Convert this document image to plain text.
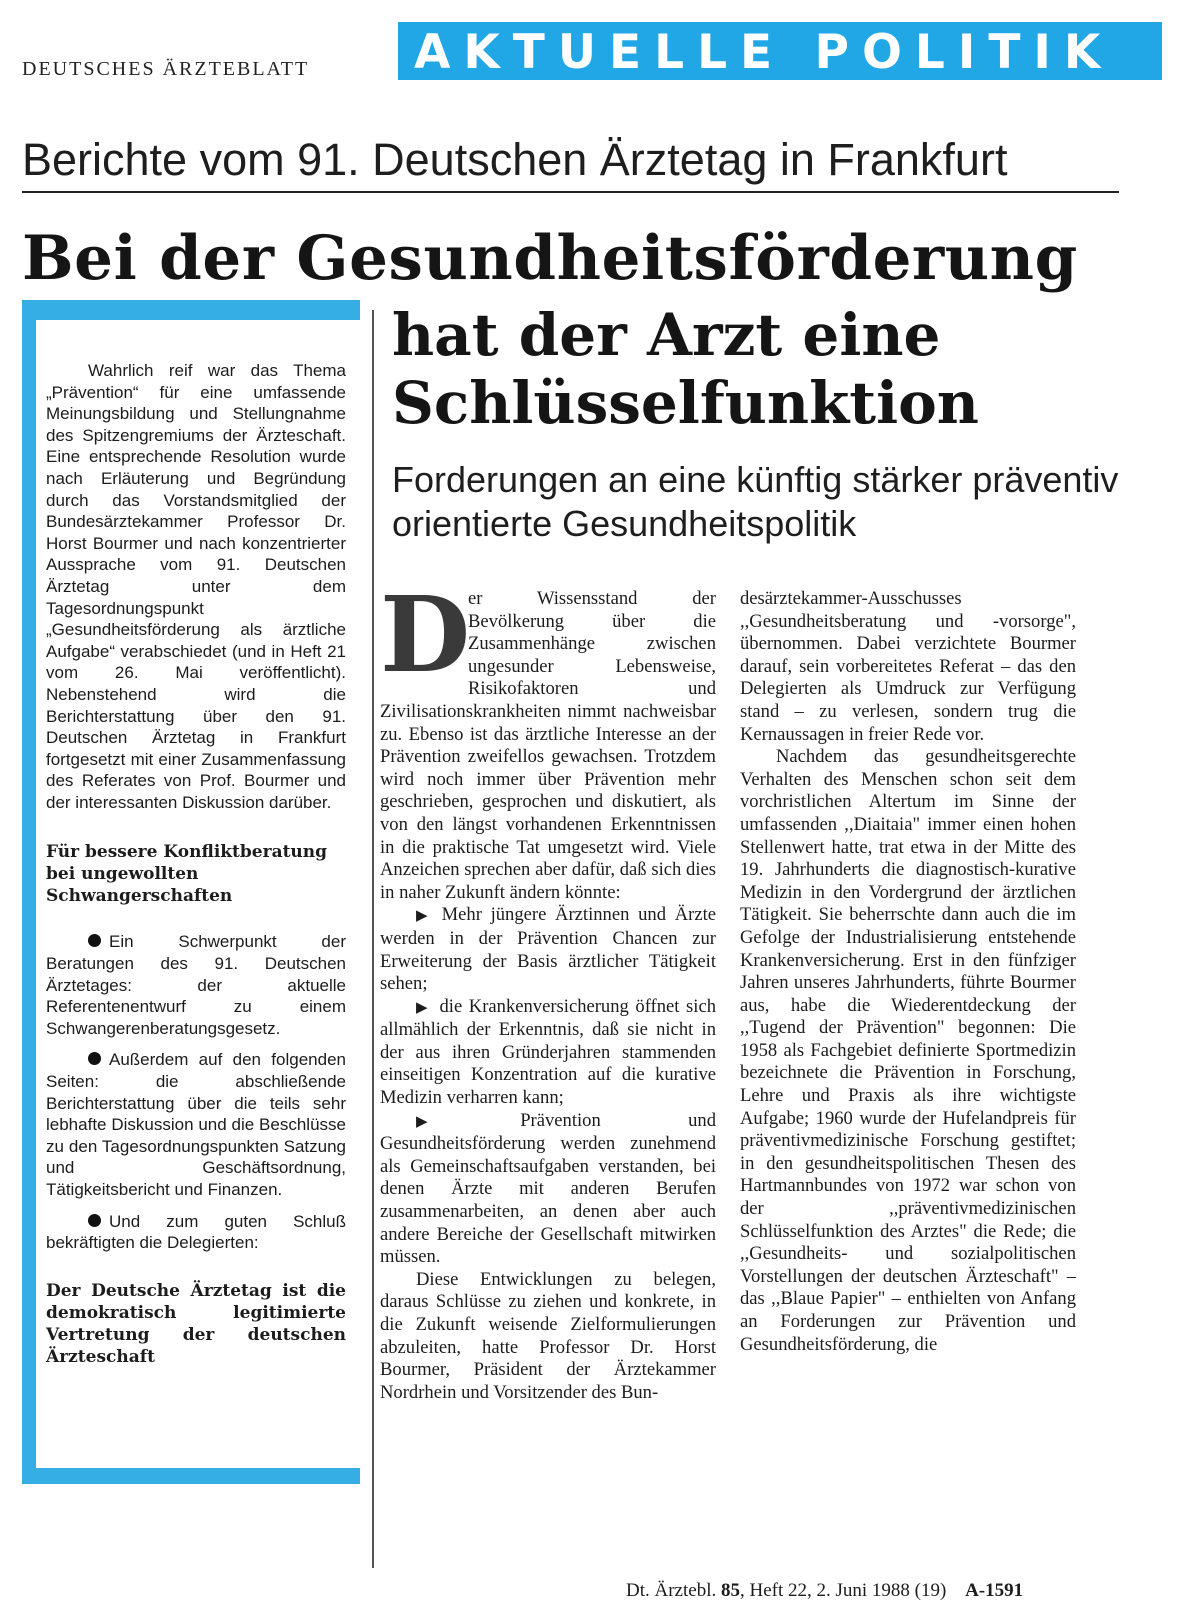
DEUTSCHES ÄRZTEBLATT AKTUELLE POLITIK
Berichte vom 91. Deutschen Ärztetag in Frankfurt
Bei der Gesundheitsförderung
hat der Arzt eine
Schlüsselfunktion
Forderungen an eine künftig stärker präventiv orientierte Gesundheitspolitik

Wahrlich reif war das Thema „Prävention“ für eine umfassende Meinungsbildung und Stellungnahme des Spitzengremiums der Ärzteschaft. Eine entsprechende Resolution wurde nach Erläuterung und Begründung durch das Vorstandsmitglied der Bundesärztekammer Professor Dr. Horst Bourmer und nach konzentrierter Aussprache vom 91. Deutschen Ärztetag unter dem Tagesordnungspunkt „Gesundheitsförderung als ärztliche Aufgabe“ verabschiedet (und in Heft 21 vom 26. Mai veröffentlicht). Nebenstehend wird die Berichterstattung über den 91. Deutschen Ärztetag in Frankfurt fortgesetzt mit einer Zusammenfassung des Referates von Prof. Bourmer und der interessanten Diskussion darüber.

Für bessere Konfliktberatung bei ungewollten Schwangerschaften

Ein Schwerpunkt der Beratungen des 91. Deutschen Ärztetages: der aktuelle Referentenentwurf zu einem Schwangerenberatungsgesetz.

Außerdem auf den folgenden Seiten: die abschließende Berichterstattung über die teils sehr lebhafte Diskussion und die Beschlüsse zu den Tagesordnungspunkten Satzung und Geschäftsordnung, Tätigkeitsbericht und Finanzen.

Und zum guten Schluß bekräftigten die Delegierten:

Der Deutsche Ärztetag ist die demokratisch legitimierte Vertretung der deutschen Ärzteschaft

D
er Wissensstand der Bevölkerung über die Zusammenhänge zwischen ungesunder Lebensweise, Risikofaktoren und Zivilisationskrankheiten nimmt nachweisbar zu. Ebenso ist das ärztliche Interesse an der Prävention zweifellos gewachsen. Trotzdem wird noch immer über Prävention mehr geschrieben, gesprochen und diskutiert, als von den längst vorhandenen Erkenntnissen in die praktische Tat umgesetzt wird. Viele Anzeichen sprechen aber dafür, daß sich dies in naher Zukunft ändern könnte:

▶ Mehr jüngere Ärztinnen und Ärzte werden in der Prävention Chancen zur Erweiterung der Basis ärztlicher Tätigkeit sehen;

▶ die Krankenversicherung öffnet sich allmählich der Erkenntnis, daß sie nicht in der aus ihren Gründerjahren stammenden einseitigen Konzentration auf die kurative Medizin verharren kann;

▶ Prävention und Gesundheitsförderung werden zunehmend als Gemeinschaftsaufgaben verstanden, bei denen Ärzte mit anderen Berufen zusammenarbeiten, an denen aber auch andere Bereiche der Gesellschaft mitwirken müssen.

Diese Entwicklungen zu belegen, daraus Schlüsse zu ziehen und konkrete, in die Zukunft weisende Zielformulierungen abzuleiten, hatte Professor Dr. Horst Bourmer, Präsident der Ärztekammer Nordrhein und Vorsitzender des Bun-

desärztekammer-Ausschusses ,,Gesundheitsberatung und -vorsorge", übernommen. Dabei verzichtete Bourmer darauf, sein vorbereitetes Referat – das den Delegierten als Umdruck zur Verfügung stand – zu verlesen, sondern trug die Kernaussagen in freier Rede vor.

Nachdem das gesundheitsgerechte Verhalten des Menschen schon seit dem vorchristlichen Altertum im Sinne der umfassenden ,,Diaitaia" immer einen hohen Stellenwert hatte, trat etwa in der Mitte des 19. Jahrhunderts die diagnostisch-kurative Medizin in den Vordergrund der ärztlichen Tätigkeit. Sie beherrschte dann auch die im Gefolge der Industrialisierung entstehende Krankenversicherung. Erst in den fünfziger Jahren unseres Jahrhunderts, führte Bourmer aus, habe die Wiederentdeckung der ,,Tugend der Prävention" begonnen: Die 1958 als Fachgebiet definierte Sportmedizin bezeichnete die Prävention in Forschung, Lehre und Praxis als ihre wichtigste Aufgabe; 1960 wurde der Hufelandpreis für präventivmedizinische Forschung gestiftet; in den gesundheitspolitischen Thesen des Hartmannbundes von 1972 war schon von der ,,präventivmedizinischen Schlüsselfunktion des Arztes" die Rede; die ,,Gesundheits- und sozialpolitischen Vorstellungen der deutschen Ärzteschaft" – das ,,Blaue Papier" – enthielten von Anfang an Forderungen zur Prävention und Gesundheitsförderung, die

Dt. Ärztebl. 85, Heft 22, 2. Juni 1988 (19) A-1591
